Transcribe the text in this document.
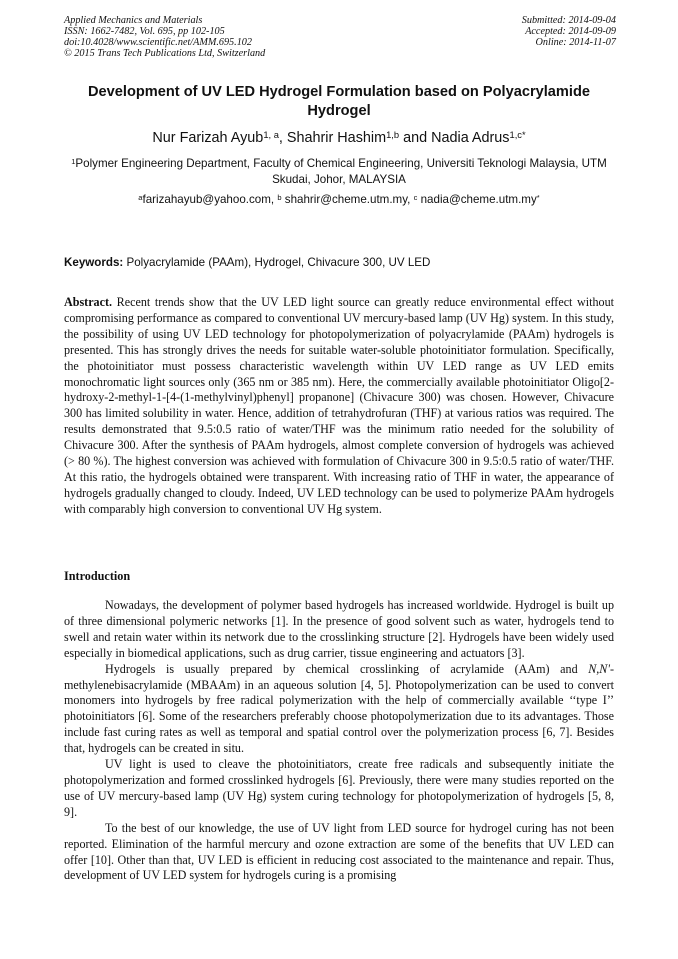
Applied Mechanics and Materials
ISSN: 1662-7482, Vol. 695, pp 102-105
doi:10.4028/www.scientific.net/AMM.695.102
© 2015 Trans Tech Publications Ltd, Switzerland
Submitted: 2014-09-04
Accepted: 2014-09-09
Online: 2014-11-07
Development of UV LED Hydrogel Formulation based on Polyacrylamide Hydrogel
Nur Farizah Ayub$^{1, a}$, Shahrir Hashim$^{1,b}$ and Nadia Adrus$^{1,c*}$
$^1$Polymer Engineering Department, Faculty of Chemical Engineering, Universiti Teknologi Malaysia, UTM Skudai, Johor, MALAYSIA
$^a$farizahayub@yahoo.com, $^b$ shahrir@cheme.utm.my, $^c$ nadia@cheme.utm.my*
Keywords: Polyacrylamide (PAAm), Hydrogel, Chivacure 300, UV LED
Abstract. Recent trends show that the UV LED light source can greatly reduce environmental effect without compromising performance as compared to conventional UV mercury-based lamp (UV Hg) system. In this study, the possibility of using UV LED technology for photopolymerization of polyacrylamide (PAAm) hydrogels is presented. This has strongly drives the needs for suitable water-soluble photoinitiator formulation. Specifically, the photoinitiator must possess characteristic wavelength within UV LED range as UV LED emits monochromatic light sources only (365 nm or 385 nm). Here, the commercially available photoinitiator Oligo[2-hydroxy-2-methyl-1-[4-(1-methylvinyl)phenyl] propanone] (Chivacure 300) was chosen. However, Chivacure 300 has limited solubility in water. Hence, addition of tetrahydrofuran (THF) at various ratios was required. The results demonstrated that 9.5:0.5 ratio of water/THF was the minimum ratio needed for the solubility of Chivacure 300. After the synthesis of PAAm hydrogels, almost complete conversion of hydrogels was achieved (> 80 %). The highest conversion was achieved with formulation of Chivacure 300 in 9.5:0.5 ratio of water/THF. At this ratio, the hydrogels obtained were transparent. With increasing ratio of THF in water, the appearance of hydrogels gradually changed to cloudy. Indeed, UV LED technology can be used to polymerize PAAm hydrogels with comparably high conversion to conventional UV Hg system.
Introduction

Nowadays, the development of polymer based hydrogels has increased worldwide. Hydrogel is built up of three dimensional polymeric networks [1]. In the presence of good solvent such as water, hydrogels tend to swell and retain water within its network due to the crosslinking structure [2]. Hydrogels have been widely used especially in biomedical applications, such as drug carrier, tissue engineering and actuators [3].

Hydrogels is usually prepared by chemical crosslinking of acrylamide (AAm) and N,N'-methylenebisacrylamide (MBAAm) in an aqueous solution [4, 5]. Photopolymerization can be used to convert monomers into hydrogels by free radical polymerization with the help of commercially available ‘‘type I’’ photoinitiators [6]. Some of the researchers preferably choose photopolymerization due to its advantages. Those include fast curing rates as well as temporal and spatial control over the polymerization process [6, 7]. Besides that, hydrogels can be created in situ.

UV light is used to cleave the photoinitiators, create free radicals and subsequently initiate the photopolymerization and formed crosslinked hydrogels [6]. Previously, there were many studies reported on the use of UV mercury-based lamp (UV Hg) system curing technology for photopolymerization of hydrogels [5, 8, 9].

To the best of our knowledge, the use of UV light from LED source for hydrogel curing has not been reported. Elimination of the harmful mercury and ozone extraction are some of the benefits that UV LED can offer [10]. Other than that, UV LED is efficient in reducing cost associated to the maintenance and repair. Thus, development of UV LED system for hydrogels curing is a promising
